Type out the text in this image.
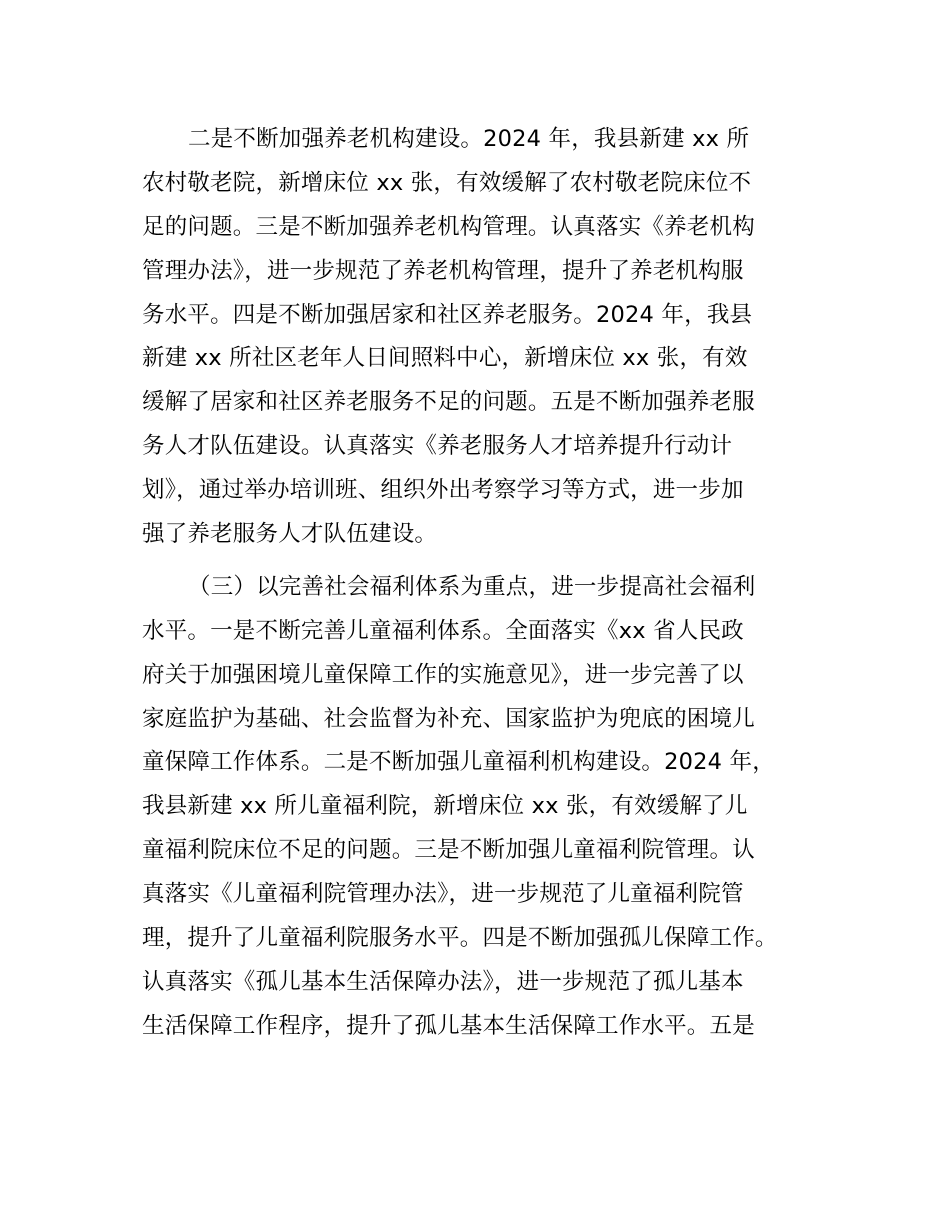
二是不断加强养老机构建设。2024 年，我县新建 xx 所
农村敬老院，新增床位 xx 张，有效缓解了农村敬老院床位不
足的问题。三是不断加强养老机构管理。认真落实《养老机构
管理办法》，进一步规范了养老机构管理，提升了养老机构服
务水平。四是不断加强居家和社区养老服务。2024 年，我县
新建 xx 所社区老年人日间照料中心，新增床位 xx 张，有效
缓解了居家和社区养老服务不足的问题。五是不断加强养老服
务人才队伍建设。认真落实《养老服务人才培养提升行动计
划》，通过举办培训班、组织外出考察学习等方式，进一步加
强了养老服务人才队伍建设。
（三）以完善社会福利体系为重点，进一步提高社会福利
水平。一是不断完善儿童福利体系。全面落实《xx 省人民政
府关于加强困境儿童保障工作的实施意见》，进一步完善了以
家庭监护为基础、社会监督为补充、国家监护为兜底的困境儿
童保障工作体系。二是不断加强儿童福利机构建设。2024 年，
我县新建 xx 所儿童福利院，新增床位 xx 张，有效缓解了儿
童福利院床位不足的问题。三是不断加强儿童福利院管理。认
真落实《儿童福利院管理办法》，进一步规范了儿童福利院管
理，提升了儿童福利院服务水平。四是不断加强孤儿保障工作。
认真落实《孤儿基本生活保障办法》，进一步规范了孤儿基本
生活保障工作程序，提升了孤儿基本生活保障工作水平。五是
